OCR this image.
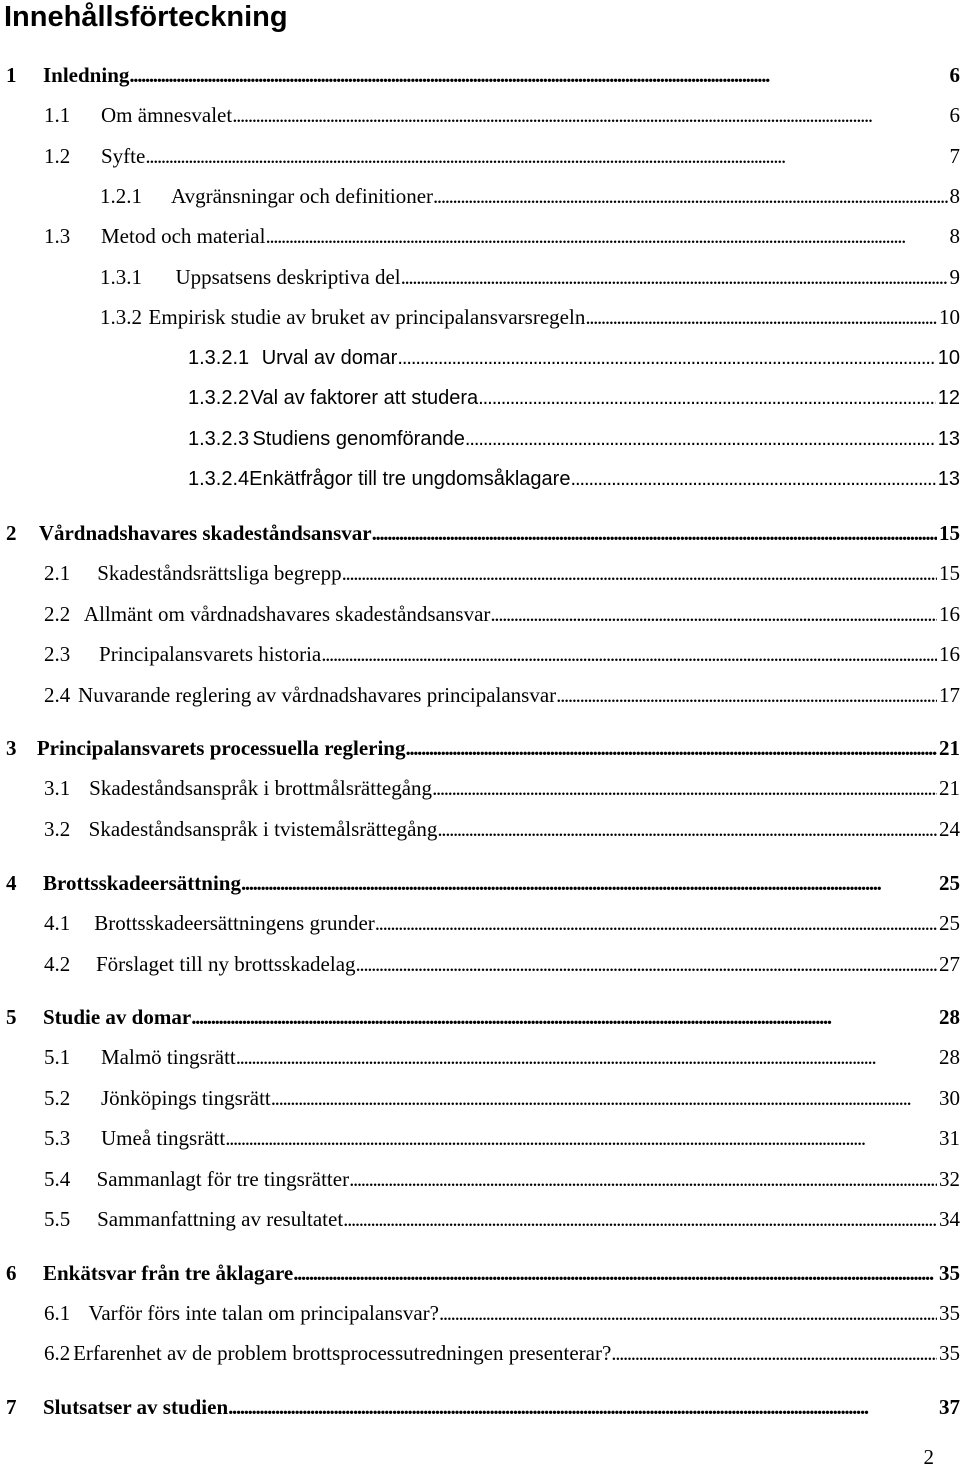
Innehållsförteckning
1	Inledning . . .	6
1.1	Om ämnesvalet . . .	6
1.2	Syfte . . .	7
1.2.1	Avgränsningar och definitioner . . .	8
1.3	Metod och material . . .	8
1.3.1	Uppsatsens deskriptiva del . . .	9
1.3.2 Empirisk studie av bruket av principalansvarsregeln . . .	10
1.3.2.1 Urval av domar . . .	10
1.3.2.2 Val av faktorer att studera . . .	12
1.3.2.3 Studiens genomförande . . .	13
1.3.2.4 Enkätfrågor till tre ungdomsåklagare . . .	13
2	Vårdnadshavares skadeståndsansvar . . .	15
2.1	Skadeståndsrättsliga begrepp . . .	15
2.2 Allmänt om vårdnadshavares skadeståndsansvar . . .	16
2.3	Principalansvarets historia . . .	16
2.4 Nuvarande reglering av vårdnadshavares principalansvar . . .	17
3 Principalansvarets processuella reglering . . .	21
3.1 Skadeståndsanspråk i brottmålsrättegång . . .	21
3.2 Skadeståndsanspråk i tvistemålsrättegång . . .	24
4	Brottsskadeersättning . . .	25
4.1	Brottsskadeersättningens grunder . . .	25
4.2	Förslaget till ny brottsskadelag . . .	27
5	Studie av domar . . .	28
5.1	Malmö tingsrätt . . .	28
5.2	Jönköpings tingsrätt . . .	30
5.3	Umeå tingsrätt . . .	31
5.4	Sammanlagt för tre tingsrätter . . .	32
5.5	Sammanfattning av resultatet . . .	34
6	Enkätsvar från tre åklagare . . .	35
6.1 Varför förs inte talan om principalansvar? . . .	35
6.2 Erfarenhet av de problem brottsprocessutredningen presenterar? . . .	35
7	Slutsatser av studien . . .	37
2
